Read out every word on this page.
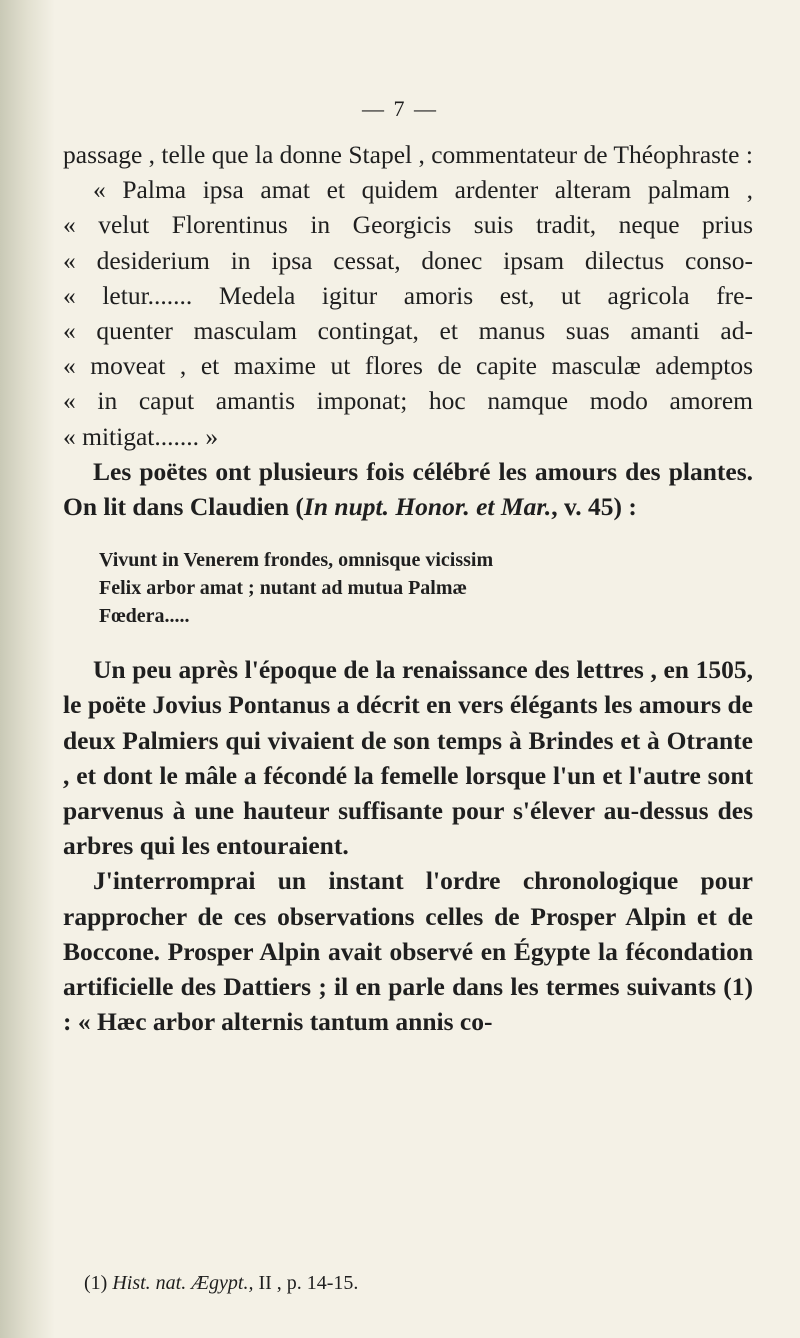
— 7 —

passage , telle que la donne Stapel , commentateur de Théophraste :

« Palma ipsa amat et quidem ardenter alteram palmam ,
« velut Florentinus in Georgicis suis tradit, neque prius
« desiderium in ipsa cessat, donec ipsam dilectus conso-
« letur....... Medela igitur amoris est, ut agricola fre-
« quenter masculam contingat, et manus suas amanti ad-
« moveat , et maxime ut flores de capite masculæ ademptos
« in caput amantis imponat; hoc namque modo amorem
« mitigat....... »

Les poëtes ont plusieurs fois célébré les amours des plantes. On lit dans Claudien (In nupt. Honor. et Mar., v. 45) :

Vivunt in Venerem frondes, omnisque vicissim
Felix arbor amat ; nutant ad mutua Palmæ
Fœdera.....

Un peu après l'époque de la renaissance des lettres , en 1505, le poëte Jovius Pontanus a décrit en vers élégants les amours de deux Palmiers qui vivaient de son temps à Brindes et à Otrante , et dont le mâle a fécondé la femelle lorsque l'un et l'autre sont parvenus à une hauteur suffisante pour s'élever au-dessus des arbres qui les entouraient.

J'interromprai un instant l'ordre chronologique pour rapprocher de ces observations celles de Prosper Alpin et de Boccone. Prosper Alpin avait observé en Égypte la fécondation artificielle des Dattiers ; il en parle dans les termes suivants (1) : « Hæc arbor alternis tantum annis co-

(1) Hist. nat. Ægypt., II , p. 14-15.
